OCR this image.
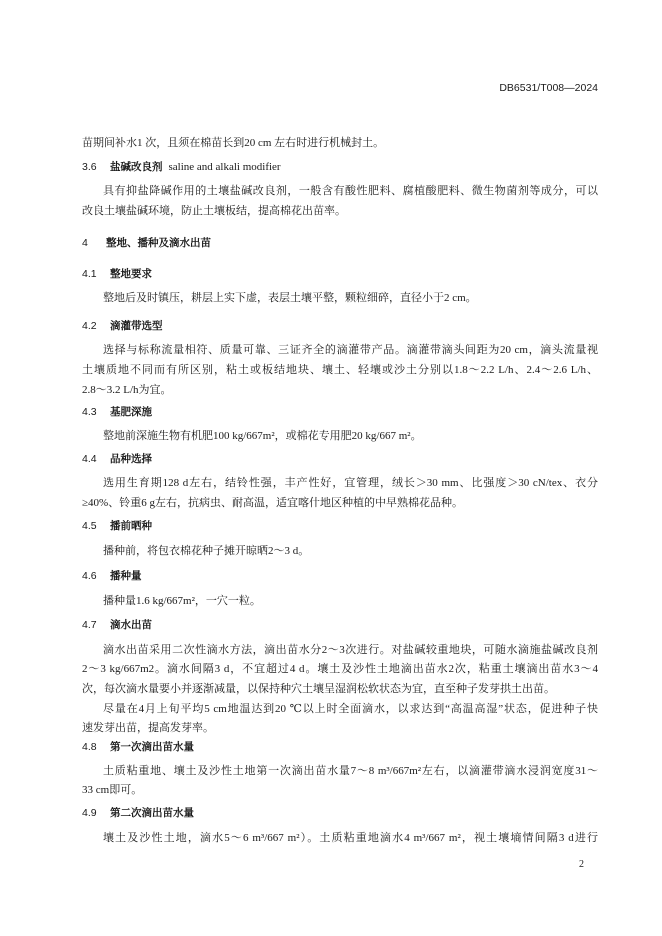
DB6531/T008—2024
苗期间补水1 次，且须在棉苗长到20 cm 左右时进行机械封土。
3.6 盐碱改良剂 saline and alkali modifier
具有抑盐降碱作用的土壤盐碱改良剂，一般含有酸性肥料、腐植酸肥料、微生物菌剂等成分，可以
改良土壤盐碱环境，防止土壤板结，提高棉花出苗率。
4 整地、播种及滴水出苗
4.1 整地要求
整地后及时镇压，耕层上实下虚，表层土壤平整，颗粒细碎，直径小于2 cm。
4.2 滴灌带选型
选择与标称流量相符、质量可靠、三证齐全的滴灌带产品。滴灌带滴头间距为20 cm，滴头流量视
土壤质地不同而有所区别，粘土或板结地块、壤土、轻壤或沙土分别以1.8～2.2 L/h、2.4～2.6 L/h、
2.8～3.2 L/h为宜。
4.3 基肥深施
整地前深施生物有机肥100 kg/667m²，或棉花专用肥20 kg/667 m²。
4.4 品种选择
选用生育期128 d左右，结铃性强，丰产性好，宜管理，绒长＞30 mm、比强度＞30 cN/tex、衣分
≥40%、铃重6 g左右，抗病虫、耐高温，适宜喀什地区种植的中早熟棉花品种。
4.5 播前晒种
播种前，将包衣棉花种子摊开晾晒2～3 d。
4.6 播种量
播种量1.6 kg/667m²，一穴一粒。
4.7 滴水出苗
滴水出苗采用二次性滴水方法，滴出苗水分2～3次进行。对盐碱较重地块，可随水滴施盐碱改良剂
2～3 kg/667m2。滴水间隔3 d，不宜超过4 d。壤土及沙性土地滴出苗水2次，粘重土壤滴出苗水3～4
次，每次滴水量要小并逐渐减量，以保持种穴土壤呈湿润松软状态为宜，直至种子发芽拱土出苗。
尽量在4月上旬平均5 cm地温达到20 ℃以上时全面滴水，以求达到“高温高湿”状态，促进种子快
速发芽出苗，提高发芽率。
4.8 第一次滴出苗水量
土质粘重地、壤土及沙性土地第一次滴出苗水量7～8 m³/667m²左右，以滴灌带滴水浸润宽度31～
33 cm即可。
4.9 第二次滴出苗水量
壤土及沙性土地，滴水5～6 m³/667 m²）。土质粘重地滴水4 m³/667 m²，视土壤墒情间隔3 d进行
2
